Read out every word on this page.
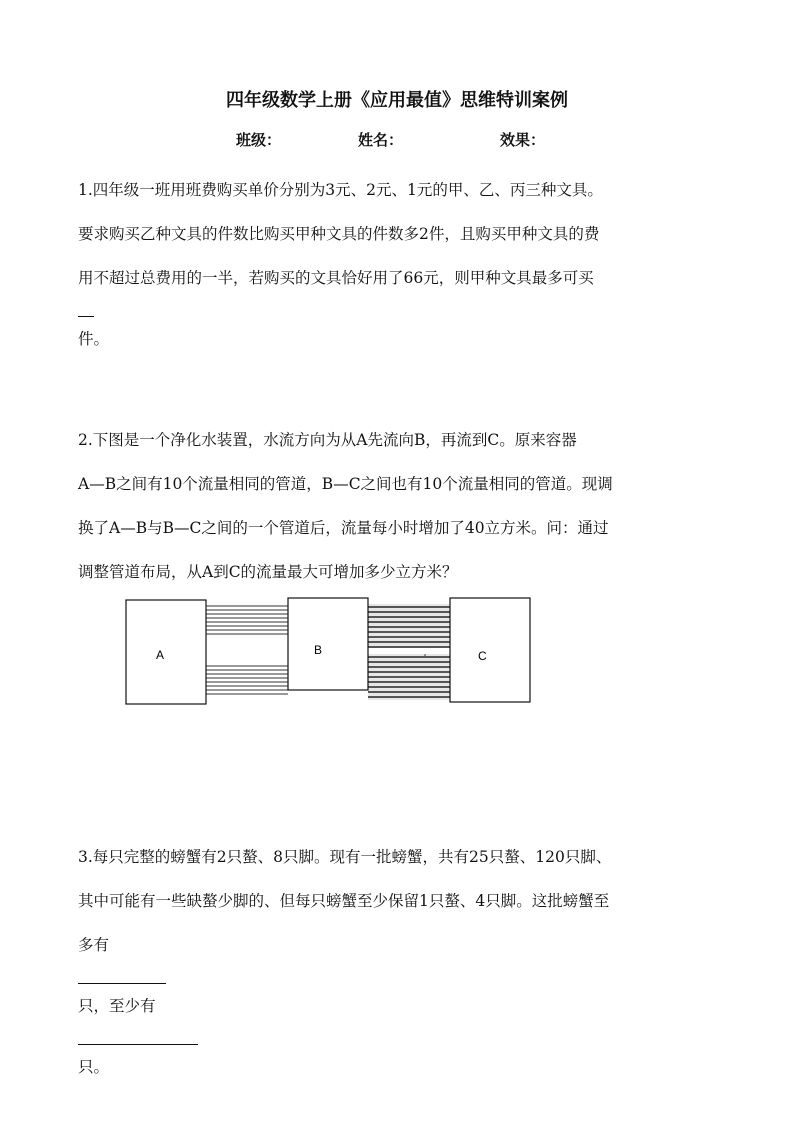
四年级数学上册《应用最值》思维特训案例
班级：	姓名：	效果：
1.四年级一班用班费购买单价分别为3元、2元、1元的甲、乙、丙三种文具。
要求购买乙种文具的件数比购买甲种文具的件数多2件，且购买甲种文具的费
用不超过总费用的一半，若购买的文具恰好用了66元，则甲种文具最多可买
件。
2.下图是一个净化水装置，水流方向为从A先流向B，再流到C。原来容器
A—B之间有10个流量相同的管道，B—C之间也有10个流量相同的管道。现调
换了A—B与B—C之间的一个管道后，流量每小时增加了40立方米。问：通过
调整管道布局，从A到C的流量最大可增加多少立方米？
A	B	C
3.每只完整的螃蟹有2只螯、8只脚。现有一批螃蟹，共有25只螯、120只脚、
其中可能有一些缺螯少脚的、但每只螃蟹至少保留1只螯、4只脚。这批螃蟹至
多有
只，至少有
只。
